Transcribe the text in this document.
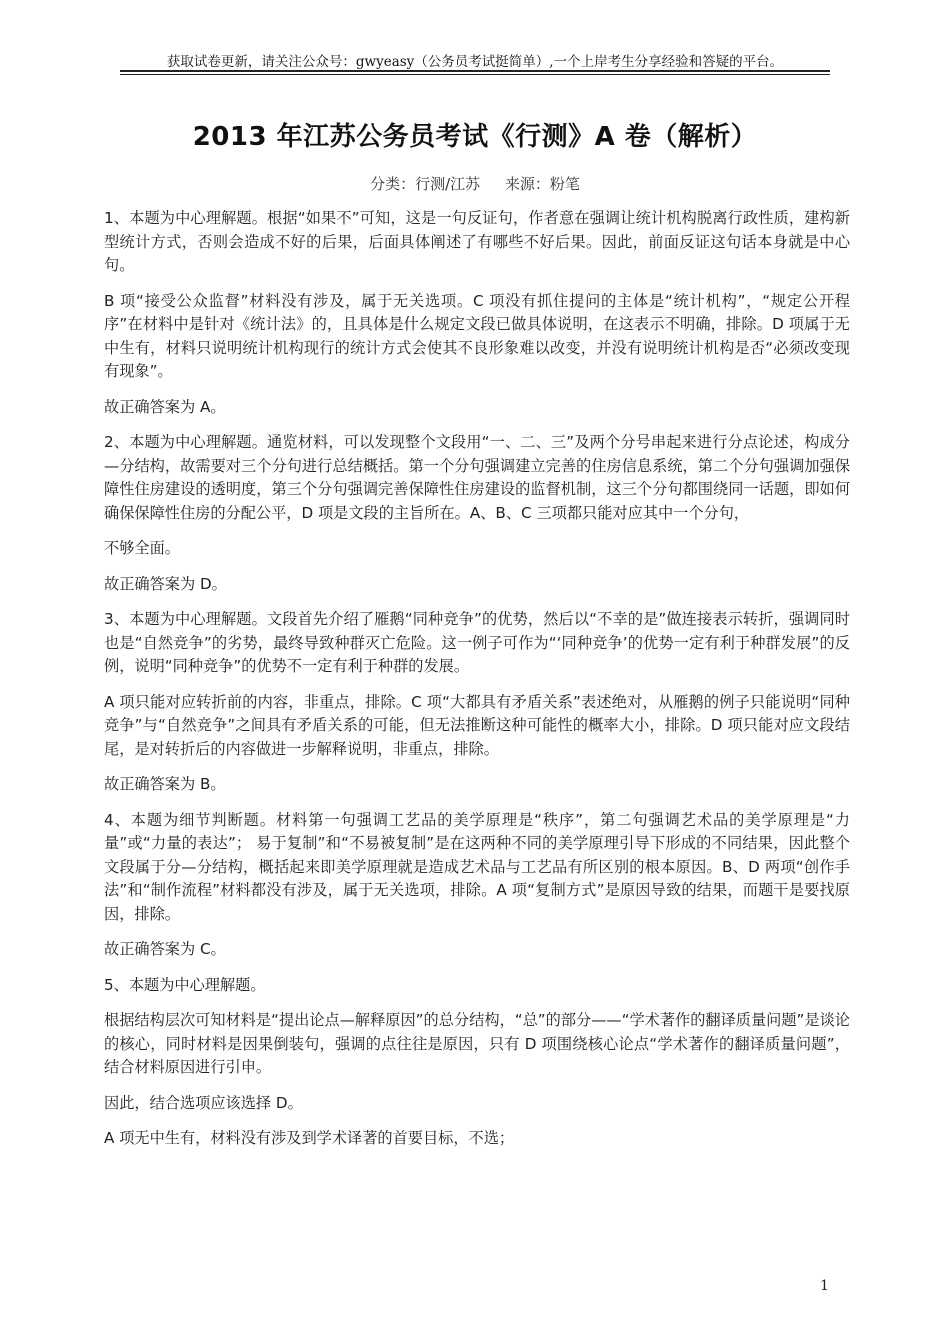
获取试卷更新，请关注公众号：gwyeasy（公务员考试挺简单）,一个上岸考生分享经验和答疑的平台。
2013 年江苏公务员考试《行测》A 卷（解析）
分类：行测/江苏 来源：粉笔

1、本题为中心理解题。根据“如果不”可知，这是一句反证句，作者意在强调让统计机构脱离行政性质，建构新型统计方式，否则会造成不好的后果，后面具体阐述了有哪些不好后果。因此，前面反证这句话本身就是中心句。

B 项“接受公众监督”材料没有涉及，属于无关选项。C 项没有抓住提问的主体是“统计机构”，“规定公开程序”在材料中是针对《统计法》的，且具体是什么规定文段已做具体说明，在这表示不明确，排除。D 项属于无中生有，材料只说明统计机构现行的统计方式会使其不良形象难以改变，并没有说明统计机构是否“必须改变现有现象”。

故正确答案为 A。

2、本题为中心理解题。通览材料，可以发现整个文段用“一、二、三”及两个分号串起来进行分点论述，构成分—分结构，故需要对三个分句进行总结概括。第一个分句强调建立完善的住房信息系统，第二个分句强调加强保障性住房建设的透明度，第三个分句强调完善保障性住房建设的监督机制，这三个分句都围绕同一话题，即如何确保保障性住房的分配公平，D 项是文段的主旨所在。A、B、C 三项都只能对应其中一个分句，

不够全面。

故正确答案为 D。

3、本题为中心理解题。文段首先介绍了雁鹅“同种竞争”的优势，然后以“不幸的是”做连接表示转折，强调同时也是“自然竞争”的劣势，最终导致种群灭亡危险。这一例子可作为“‘同种竞争’的优势一定有利于种群发展”的反例，说明“同种竞争”的优势不一定有利于种群的发展。

A 项只能对应转折前的内容，非重点，排除。C 项“大都具有矛盾关系”表述绝对，从雁鹅的例子只能说明“同种竞争”与“自然竞争”之间具有矛盾关系的可能，但无法推断这种可能性的概率大小，排除。D 项只能对应文段结尾，是对转折后的内容做进一步解释说明，非重点，排除。

故正确答案为 B。

4、本题为细节判断题。材料第一句强调工艺品的美学原理是“秩序”，第二句强调艺术品的美学原理是“力量”或“力量的表达”； 易于复制”和“不易被复制”是在这两种不同的美学原理引导下形成的不同结果，因此整个文段属于分—分结构，概括起来即美学原理就是造成艺术品与工艺品有所区别的根本原因。B、D 两项“创作手法”和“制作流程”材料都没有涉及，属于无关选项，排除。A 项“复制方式”是原因导致的结果，而题干是要找原因，排除。

故正确答案为 C。

5、本题为中心理解题。

根据结构层次可知材料是“提出论点—解释原因”的总分结构，“总”的部分——“学术著作的翻译质量问题”是谈论的核心，同时材料是因果倒装句，强调的点往往是原因，只有 D 项围绕核心论点“学术著作的翻译质量问题”，结合材料原因进行引申。

因此，结合选项应该选择 D。

A 项无中生有，材料没有涉及到学术译著的首要目标，不选；

1
